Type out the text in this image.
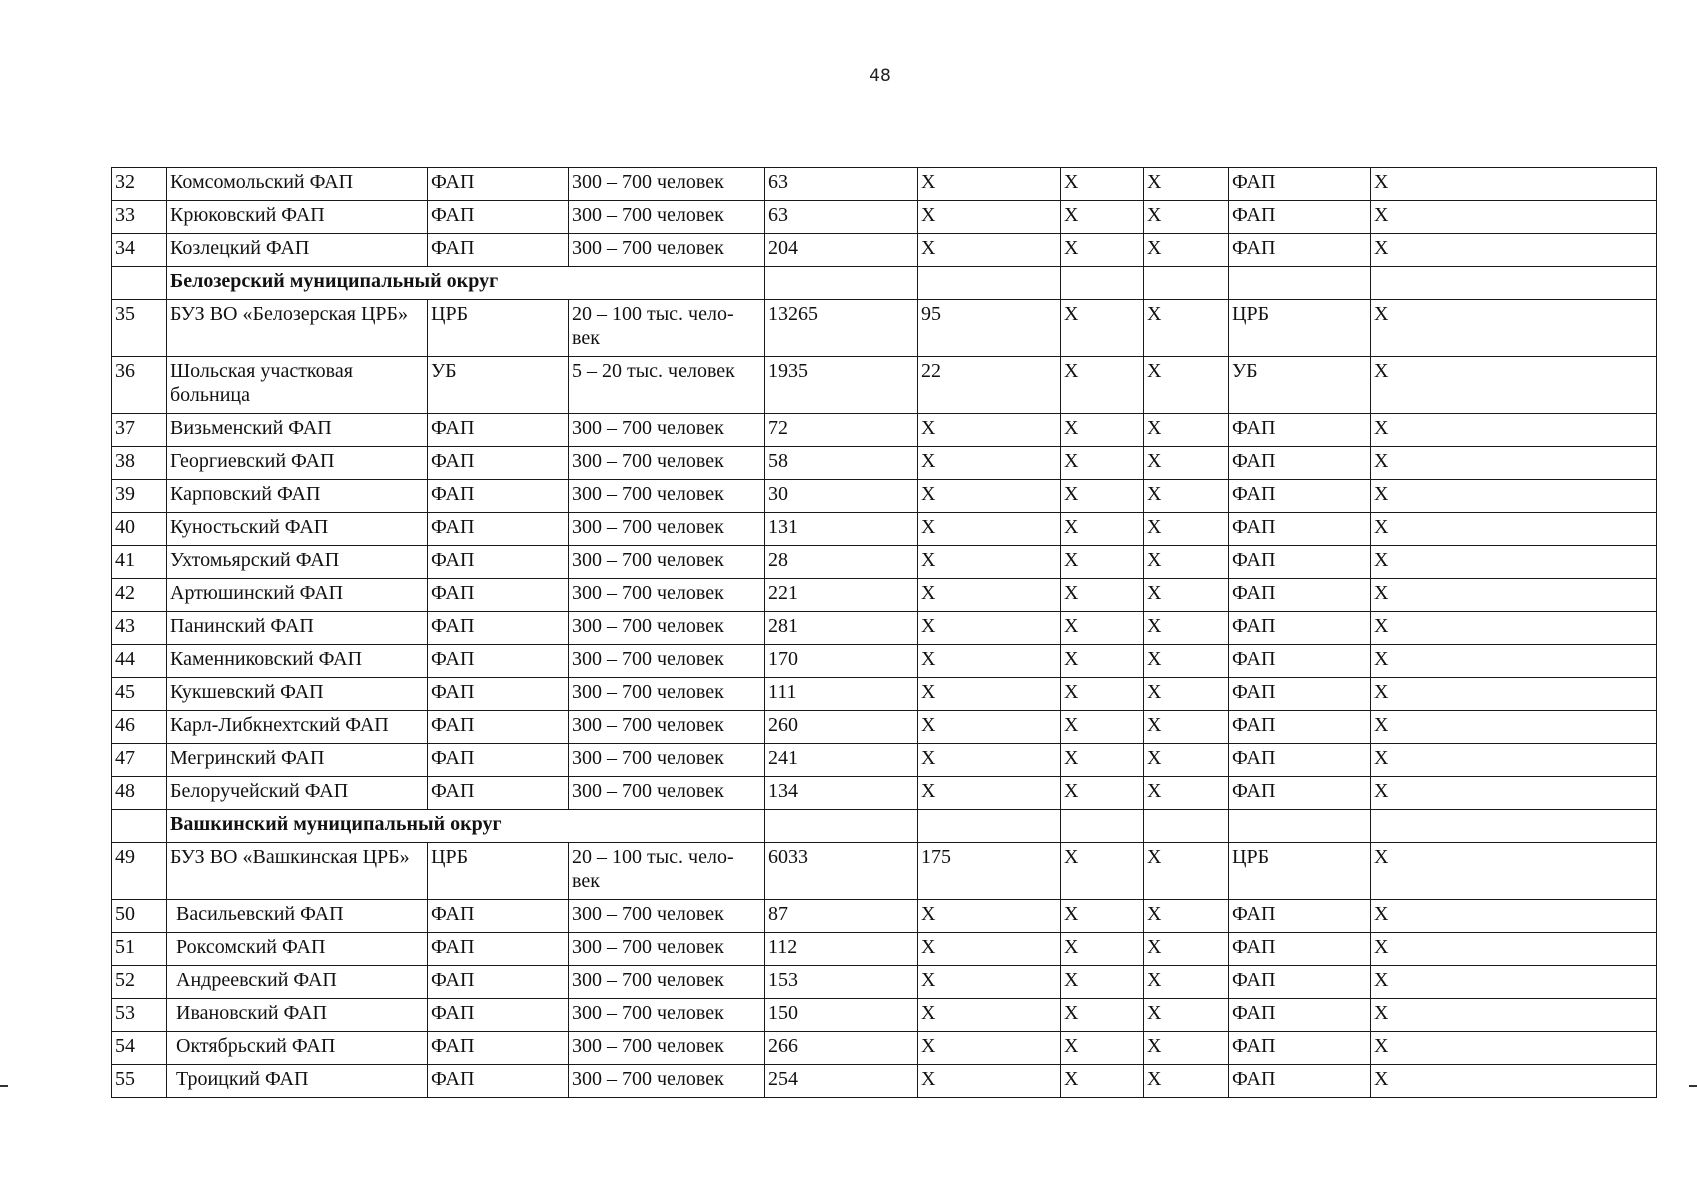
48
32	Комсомольский ФАП	ФАП	300 – 700 человек	63	Х	Х	Х	ФАП	Х
33	Крюковский ФАП	ФАП	300 – 700 человек	63	Х	Х	Х	ФАП	Х
34	Козлецкий ФАП	ФАП	300 – 700 человек	204	Х	Х	Х	ФАП	Х
	Белозерский муниципальный округ								
35	БУЗ ВО «Белозерская ЦРБ»	ЦРБ	20 – 100 тыс. чело-век	13265	95	Х	Х	ЦРБ	Х
36	Шольская участковая больница	УБ	5 – 20 тыс. человек	1935	22	Х	Х	УБ	Х
37	Визьменский ФАП	ФАП	300 – 700 человек	72	Х	Х	Х	ФАП	Х
38	Георгиевский ФАП	ФАП	300 – 700 человек	58	Х	Х	Х	ФАП	Х
39	Карповский ФАП	ФАП	300 – 700 человек	30	Х	Х	Х	ФАП	Х
40	Куностьский ФАП	ФАП	300 – 700 человек	131	Х	Х	Х	ФАП	Х
41	Ухтомьярский ФАП	ФАП	300 – 700 человек	28	Х	Х	Х	ФАП	Х
42	Артюшинский ФАП	ФАП	300 – 700 человек	221	Х	Х	Х	ФАП	Х
43	Панинский ФАП	ФАП	300 – 700 человек	281	Х	Х	Х	ФАП	Х
44	Каменниковский ФАП	ФАП	300 – 700 человек	170	Х	Х	Х	ФАП	Х
45	Кукшевский ФАП	ФАП	300 – 700 человек	111	Х	Х	Х	ФАП	Х
46	Карл-Либкнехтский ФАП	ФАП	300 – 700 человек	260	Х	Х	Х	ФАП	Х
47	Мегринский ФАП	ФАП	300 – 700 человек	241	Х	Х	Х	ФАП	Х
48	Белоручейский ФАП	ФАП	300 – 700 человек	134	Х	Х	Х	ФАП	Х
	Вашкинский муниципальный округ								
49	БУЗ ВО «Вашкинская ЦРБ»	ЦРБ	20 – 100 тыс. чело-век	6033	175	Х	Х	ЦРБ	Х
50	Васильевский ФАП	ФАП	300 – 700 человек	87	Х	Х	Х	ФАП	Х
51	Роксомский ФАП	ФАП	300 – 700 человек	112	Х	Х	Х	ФАП	Х
52	Андреевский ФАП	ФАП	300 – 700 человек	153	Х	Х	Х	ФАП	Х
53	Ивановский ФАП	ФАП	300 – 700 человек	150	Х	Х	Х	ФАП	Х
54	Октябрьский ФАП	ФАП	300 – 700 человек	266	Х	Х	Х	ФАП	Х
55	Троицкий ФАП	ФАП	300 – 700 человек	254	Х	Х	Х	ФАП	Х
